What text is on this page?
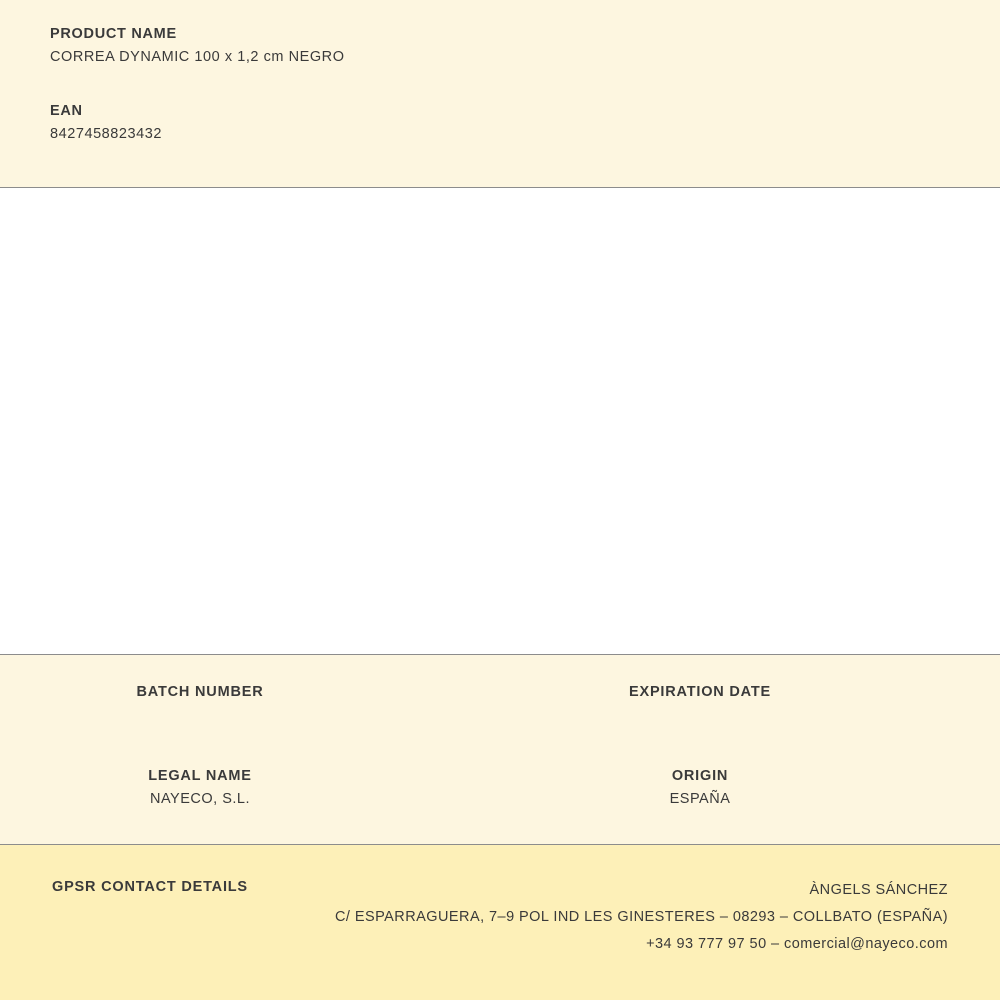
PRODUCT NAME

CORREA DYNAMIC 100 x 1,2 cm NEGRO

EAN

8427458823432

BATCH NUMBER
LEGAL NAME
NAYECO, S.L.
EXPIRATION DATE
ORIGIN
ESPAÑA
GPSR CONTACT DETAILS	ÀNGELS SÁNCHEZ
C/ ESPARRAGUERA, 7–9 POL IND LES GINESTERES – 08293 – COLLBATO (ESPAÑA)
+34 93 777 97 50 – comercial@nayeco.com
